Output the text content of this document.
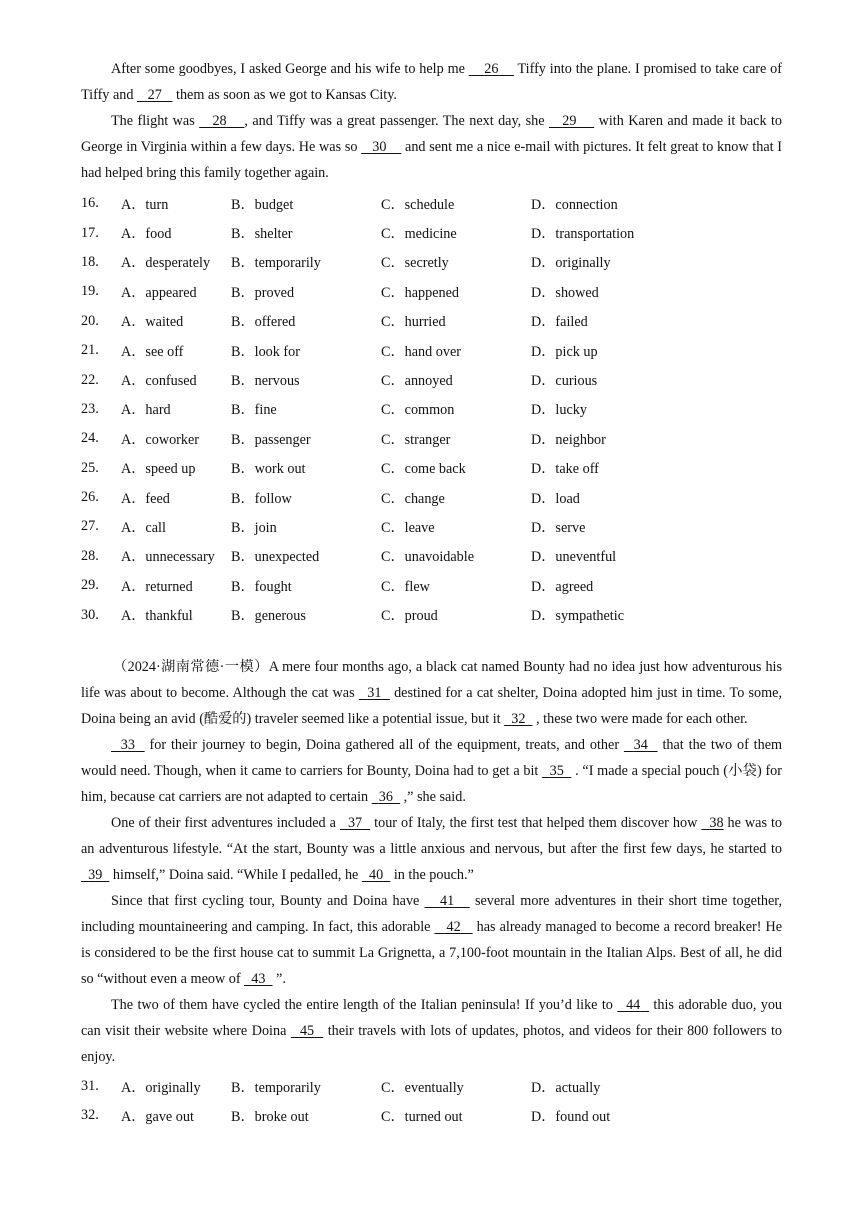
After some goodbyes, I asked George and his wife to help me     26     Tiffy into the plane. I promised to take care of Tiffy and    27    them as soon as we got to Kansas City.

The flight was    28 , and Tiffy was a great passenger. The next day, she    29     with Karen and made it back to George in Virginia within a few days. He was so    30     and sent me a nice e-mail with pictures. It felt great to know that I had helped bring this family together again.

16.	A．turn	B．budget	C．schedule	D．connection
17.	A．food	B．shelter	C．medicine	D．transportation
18.	A．desperately	B．temporarily	C．secretly	D．originally
19.	A．appeared	B．proved	C．happened	D．showed
20.	A．waited	B．offered	C．hurried	D．failed
21.	A．see off	B．look for	C．hand over	D．pick up
22.	A．confused	B．nervous	C．annoyed	D．curious
23.	A．hard	B．fine	C．common	D．lucky
24.	A．coworker	B．passenger	C．stranger	D．neighbor
25.	A．speed up	B．work out	C．come back	D．take off
26.	A．feed	B．follow	C．change	D．load
27.	A．call	B．join	C．leave	D．serve
28.	A．unnecessary	B．unexpected	C．unavoidable	D．uneventful
29.	A．returned	B．fought	C．flew	D．agreed
30.	A．thankful	B．generous	C．proud	D．sympathetic

（2024·湖南常德·一模）A mere four months ago, a black cat named Bounty had no idea just how adventurous his life was about to become. Although the cat was   31   destined for a cat shelter, Doina adopted him just in time. To some, Doina being an avid (酷爱的) traveler seemed like a potential issue, but it   32   , these two were made for each other.

33   for their journey to begin, Doina gathered all of the equipment, treats, and other   34   that the two of them would need. Though, when it came to carriers for Bounty, Doina had to get a bit   35   . “I made a special pouch (小袋) for him, because cat carriers are not adapted to certain   36   ,” she said.

One of their first adventures included a   37   tour of Italy, the first test that helped them discover how   38 he was to an adventurous lifestyle. “At the start, Bounty was a little anxious and nervous, but after the first few days, he started to   39   himself,” Doina said. “While I pedalled, he   40   in the pouch.”

Since that first cycling tour, Bounty and Doina have    41    several more adventures in their short time together, including mountaineering and camping. In fact, this adorable    42    has already managed to become a record breaker! He is considered to be the first house cat to summit La Grignetta, a 7,100-foot mountain in the Italian Alps. Best of all, he did so “without even a meow of   43   ”.

The two of them have cycled the entire length of the Italian peninsula! If you’d like to   44   this adorable duo, you can visit their website where Doina   45   their travels with lots of updates, photos, and videos for their 800 followers to enjoy.

31.	A．originally	B．temporarily	C．eventually	D．actually
32.	A．gave out	B．broke out	C．turned out	D．found out
